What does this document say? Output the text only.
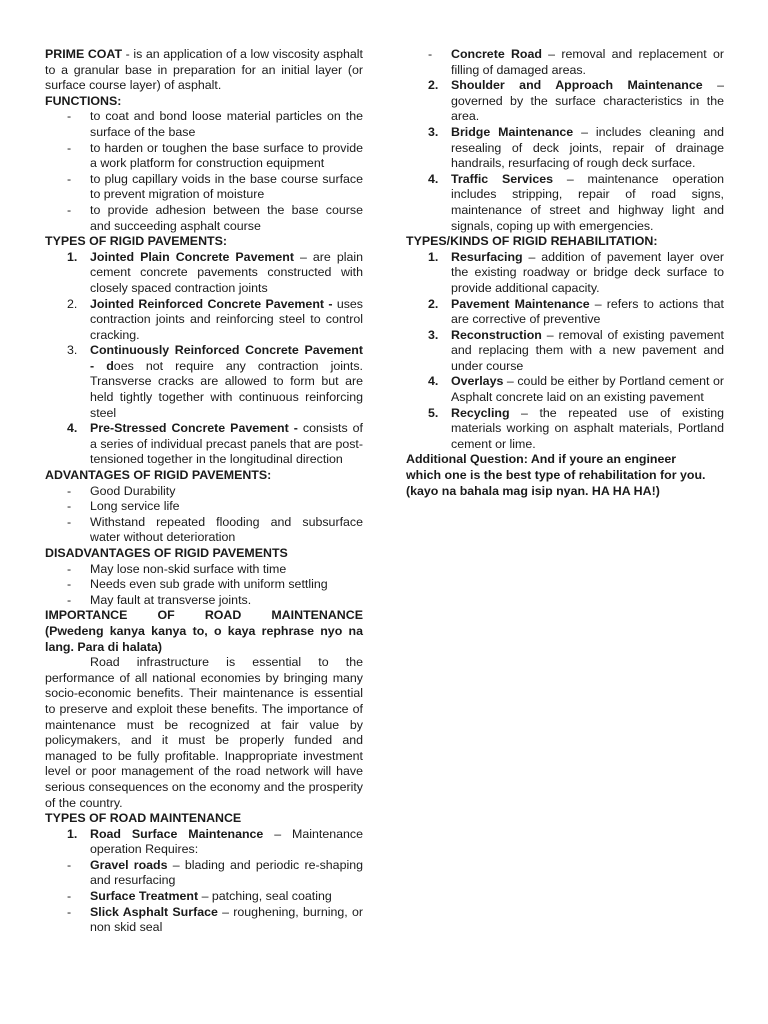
PRIME COAT - is an application of a low viscosity asphalt to a granular base in preparation for an initial layer (or surface course layer) of asphalt.

FUNCTIONS:

- to coat and bond loose material particles on the surface of the base
- to harden or toughen the base surface to provide a work platform for construction equipment
- to plug capillary voids in the base course surface to prevent migration of moisture
- to provide adhesion between the base course and succeeding asphalt course

TYPES OF RIGID PAVEMENTS:

1. Jointed Plain Concrete Pavement – are plain cement concrete pavements constructed with closely spaced contraction joints
2. Jointed Reinforced Concrete Pavement - uses contraction joints and reinforcing steel to control cracking.
3. Continuously Reinforced Concrete Pavement - does not require any contraction joints. Transverse cracks are allowed to form but are held tightly together with continuous reinforcing steel
4. Pre-Stressed Concrete Pavement - consists of a series of individual precast panels that are post-tensioned together in the longitudinal direction

ADVANTAGES OF RIGID PAVEMENTS:

- Good Durability
- Long service life
- Withstand repeated flooding and subsurface water without deterioration

DISADVANTAGES OF RIGID PAVEMENTS

- May lose non-skid surface with time
- Needs even sub grade with uniform settling
- May fault at transverse joints.
IMPORTANCE OF ROAD MAINTENANCE

(Pwedeng kanya kanya to, o kaya rephrase nyo na
lang. Para di halata)

Road infrastructure is essential to the performance of all national economies by bringing many socio-economic benefits. Their maintenance is essential to preserve and exploit these benefits. The importance of maintenance must be recognized at fair value by policymakers, and it must be properly funded and managed to be fully profitable. Inappropriate investment level or poor management of the road network will have serious consequences on the economy and the prosperity of the country.

TYPES OF ROAD MAINTENANCE

1. Road Surface Maintenance – Maintenance operation Requires:
- Gravel roads – blading and periodic re-shaping and resurfacing
- Surface Treatment – patching, seal coating
- Slick Asphalt Surface – roughening, burning, or non skid seal
- Concrete Road – removal and replacement or filling of damaged areas.
2. Shoulder and Approach Maintenance – governed by the surface characteristics in the area.
3. Bridge Maintenance – includes cleaning and resealing of deck joints, repair of drainage handrails, resurfacing of rough deck surface.
4. Traffic Services – maintenance operation includes stripping, repair of road signs, maintenance of street and highway light and signals, coping up with emergencies.

TYPES/KINDS OF RIGID REHABILITATION:

1. Resurfacing – addition of pavement layer over the existing roadway or bridge deck surface to provide additional capacity.
2. Pavement Maintenance – refers to actions that are corrective of preventive
3. Reconstruction – removal of existing pavement and replacing them with a new pavement and under course
4. Overlays – could be either by Portland cement or Asphalt concrete laid on an existing pavement
5. Recycling – the repeated use of existing materials working on asphalt materials, Portland cement or lime.

Additional Question: And if youre an engineer
which one is the best type of rehabilitation for you.
(kayo na bahala mag isip nyan. HA HA HA!)
